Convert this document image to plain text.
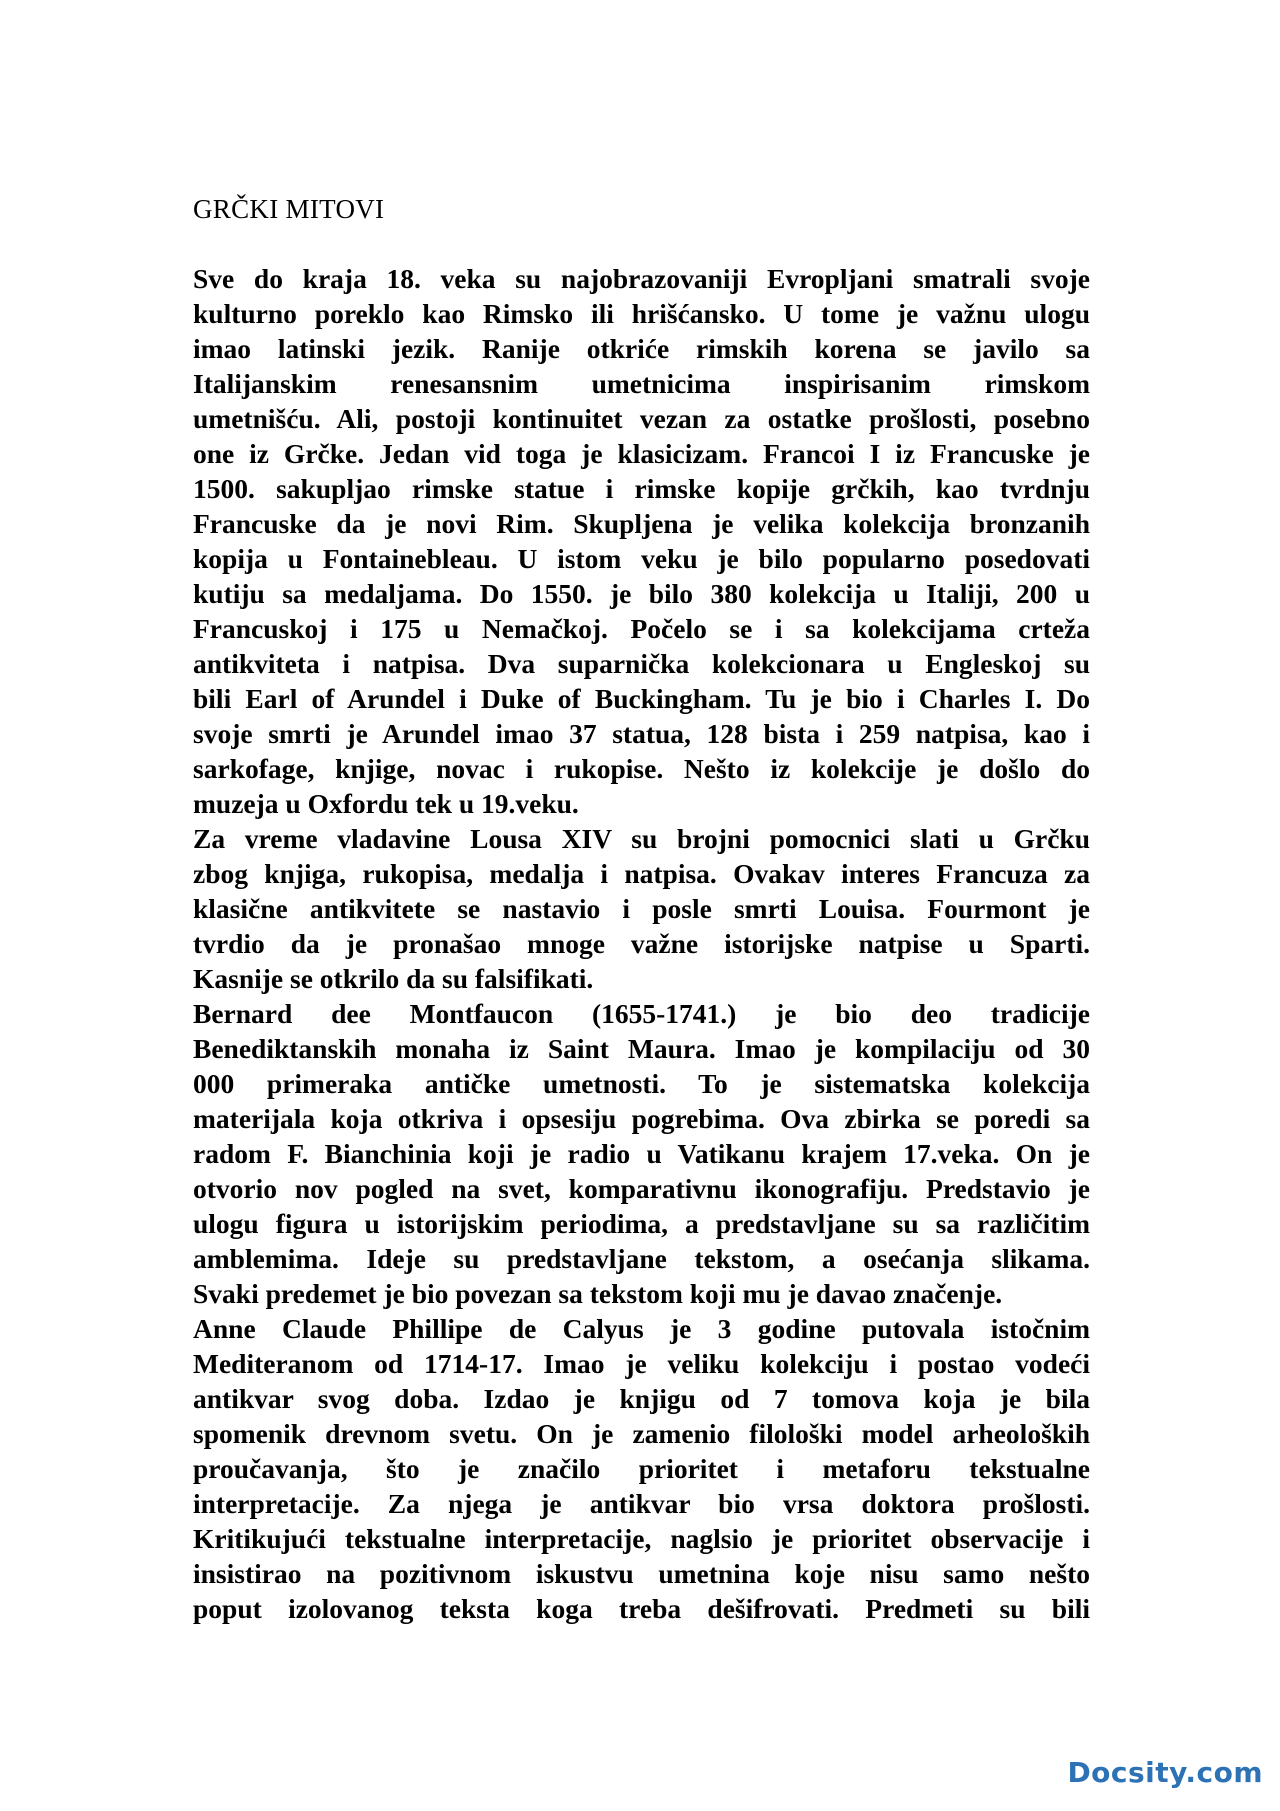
GRČKI MITOVI
Sve do kraja 18. veka su najobrazovaniji Evropljani smatrali svoje
kulturno poreklo kao Rimsko ili hrišćansko. U tome je važnu ulogu
imao latinski jezik. Ranije otkriće rimskih korena se javilo sa
Italijanskim renesansnim umetnicima inspirisanim rimskom
umetnišću. Ali, postoji kontinuitet vezan za ostatke prošlosti, posebno
one iz Grčke. Jedan vid toga je klasicizam. Francoi I iz Francuske je
1500. sakupljao rimske statue i rimske kopije grčkih, kao tvrdnju
Francuske da je novi Rim. Skupljena je velika kolekcija bronzanih
kopija u Fontainebleau. U istom veku je bilo popularno posedovati
kutiju sa medaljama. Do 1550. je bilo 380 kolekcija u Italiji, 200 u
Francuskoj i 175 u Nemačkoj. Počelo se i sa kolekcijama crteža
antikviteta i natpisa. Dva suparnička kolekcionara u Engleskoj su
bili Earl of Arundel i Duke of Buckingham. Tu je bio i Charles I. Do
svoje smrti je Arundel imao 37 statua, 128 bista i 259 natpisa, kao i
sarkofage, knjige, novac i rukopise. Nešto iz kolekcije je došlo do
muzeja u Oxfordu tek u 19.veku.
Za vreme vladavine Lousa XIV su brojni pomocnici slati u Grčku
zbog knjiga, rukopisa, medalja i natpisa. Ovakav interes Francuza za
klasične antikvitete se nastavio i posle smrti Louisa. Fourmont je
tvrdio da je pronašao mnoge važne istorijske natpise u Sparti.
Kasnije se otkrilo da su falsifikati.
Bernard dee Montfaucon (1655-1741.) je bio deo tradicije
Benediktanskih monaha iz Saint Maura. Imao je kompilaciju od 30
000 primeraka antičke umetnosti. To je sistematska kolekcija
materijala koja otkriva i opsesiju pogrebima. Ova zbirka se poredi sa
radom F. Bianchinia koji je radio u Vatikanu krajem 17.veka. On je
otvorio nov pogled na svet, komparativnu ikonografiju. Predstavio je
ulogu figura u istorijskim periodima, a predstavljane su sa različitim
amblemima. Ideje su predstavljane tekstom, a osećanja slikama.
Svaki predemet je bio povezan sa tekstom koji mu je davao značenje.
Anne Claude Phillipe de Calyus je 3 godine putovala istočnim
Mediteranom od 1714-17. Imao je veliku kolekciju i postao vodeći
antikvar svog doba. Izdao je knjigu od 7 tomova koja je bila
spomenik drevnom svetu. On je zamenio filološki model arheoloških
proučavanja, što je značilo prioritet i metaforu tekstualne
interpretacije. Za njega je antikvar bio vrsa doktora prošlosti.
Kritikujući tekstualne interpretacije, naglsio je prioritet observacije i
insistirao na pozitivnom iskustvu umetnina koje nisu samo nešto
poput izolovanog teksta koga treba dešifrovati. Predmeti su bili
Docsity.com
